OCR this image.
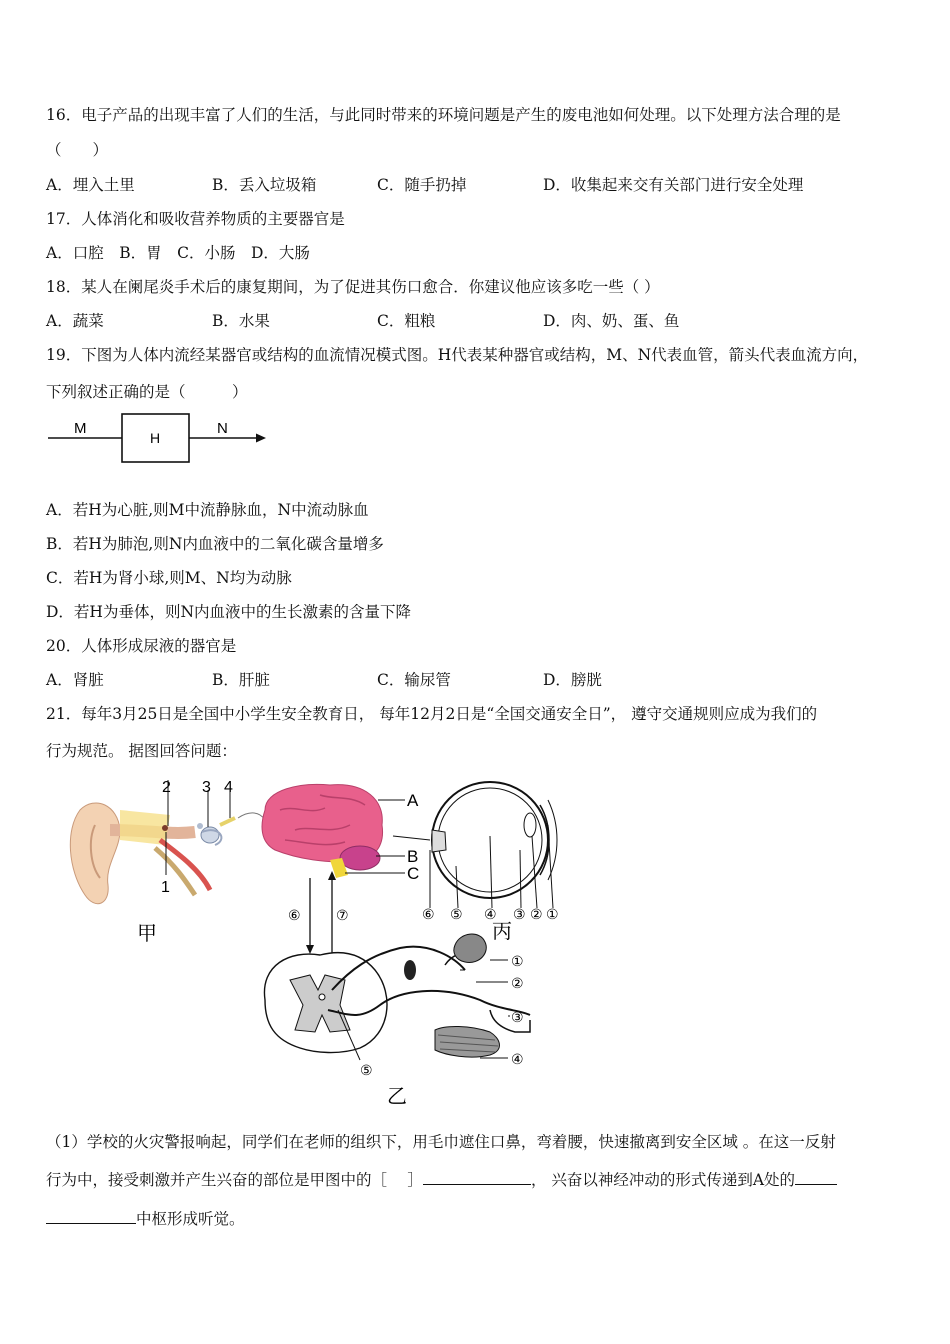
16．电子产品的出现丰富了人们的生活，与此同时带来的环境问题是产生的废电池如何处理。以下处理方法合理的是
（　　）
A．埋入土里	B．丢入垃圾箱	C．随手扔掉	D．收集起来交有关部门进行安全处理
17．人体消化和吸收营养物质的主要器官是
A．口腔　B．胃　C．小肠　D．大肠
18．某人在阑尾炎手术后的康复期间，为了促进其伤口愈合．你建议他应该多吃一些（ ）
A．蔬菜	B．水果	C．粗粮	D．肉、奶、蛋、鱼
19．下图为人体内流经某器官或结构的血流情况模式图。H代表某种器官或结构，M、N代表血管，箭头代表血流方向，
下列叙述正确的是（　　　）
M
H
N
A．若H为心脏,则M中流静脉血，N中流动脉血
B．若H为肺泡,则N内血液中的二氧化碳含量增多
C．若H为肾小球,则M、N均为动脉
D．若H为垂体，则N内血液中的生长激素的含量下降
20．人体形成尿液的器官是
A．肾脏	B．肝脏	C．输尿管	D．膀胱
21．每年3月25日是全国中小学生安全教育日， 每年12月2日是“全国交通安全日”， 遵守交通规则应成为我们的
行为规范。 据图回答问题：
2 3 4
1
甲
A
B
C
⑥ ⑤ ④ ③ ② ①
丙
⑥	⑦
①
②
③
④
⑤
乙
（1）学校的火灾警报响起，同学们在老师的组织下，用毛巾遮住口鼻，弯着腰，快速撤离到安全区域 。在这一反射
行为中，接受刺激并产生兴奋的部位是甲图中的［　 ］	， 兴奋以神经冲动的形式传递到A处的
中枢形成听觉。
